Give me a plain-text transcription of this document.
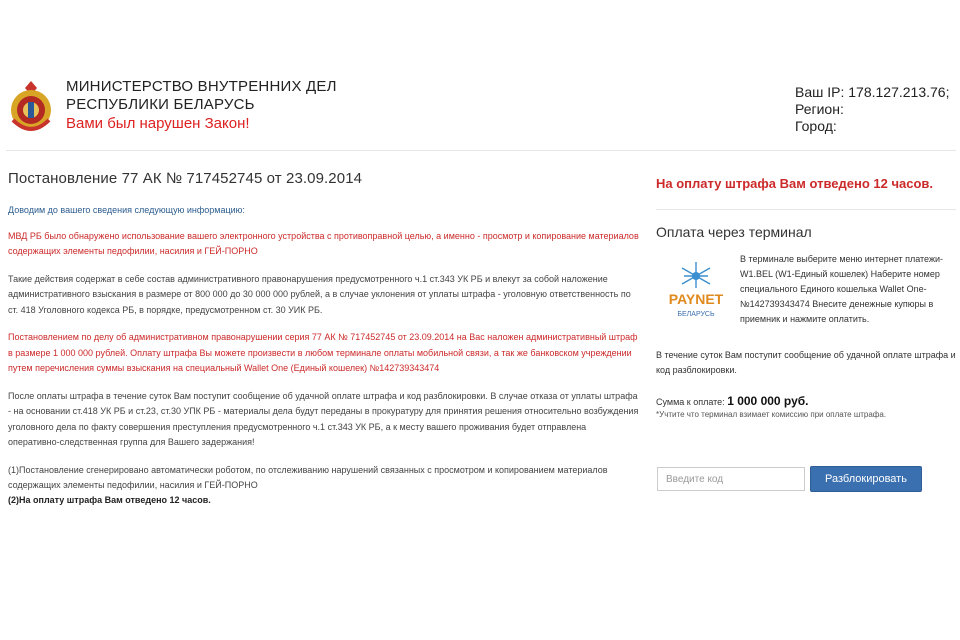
МИНИСТЕРСТВО ВНУТРЕННИХ ДЕЛ
РЕСПУБЛИКИ БЕЛАРУСЬ
Вами был нарушен Закон!
Ваш IP: 178.127.213.76;
Регион:
Город:
Постановление 77 АК № 717452745 от 23.09.2014

Доводим до вашего сведения следующую информацию:

МВД РБ было обнаружено использование вашего электронного устройства с противоправной целью, а именно - просмотр и копирование материалов содержащих элементы педофилии, насилия и ГЕЙ-ПОРНО

Такие действия содержат в себе состав административного правонарушения предусмотренного ч.1 ст.343 УК РБ и влекут за собой наложение административного взыскания в размере от 800 000 до 30 000 000 рублей, а в случае уклонения от уплаты штрафа - уголовную ответственность по ст. 418 Уголовного кодекса РБ, в порядке, предусмотренном ст. 30 УИК РБ.

Постановлением по делу об административном правонарушении серия 77 АК № 717452745 от 23.09.2014 на Вас наложен административный штраф в размере 1 000 000 рублей. Оплату штрафа Вы можете произвести в любом терминале оплаты мобильной связи, а так же банковском учреждении путем перечисления суммы взыскания на специальный Wallet One (Единый кошелек) №142739343474

После оплаты штрафа в течение суток Вам поступит сообщение об удачной оплате штрафа и код разблокировки. В случае отказа от уплаты штрафа - на основании ст.418 УК РБ и ст.23, ст.30 УПК РБ - материалы дела будут переданы в прокуратуру для принятия решения относительно возбуждения уголовного дела по факту совершения преступления предусмотренного ч.1 ст.343 УК РБ, а к месту вашего проживания будет отправлена оперативно-следственная группа для Вашего задержания!

(1)Постановление сгенерировано автоматически роботом, по отслеживанию нарушений связанных с просмотром и копированием материалов содержащих элементы педофилии, насилия и ГЕЙ-ПОРНО
(2)На оплату штрафа Вам отведено 12 часов.
На оплату штрафа Вам отведено 12 часов.
Оплата через терминал
PAYNET
БЕЛАРУСЬ
В терминале выберите меню интернет платежи- W1.BEL (W1-Единый кошелек) Наберите номер специального Единого кошелька Wallet One- №142739343474 Внесите денежные купюры в приемник и нажмите оплатить.
В течение суток Вам поступит сообщение об удачной оплате штрафа и код разблокировки.
Сумма к оплате: 1 000 000 руб.
*Учтите что терминал взимает комиссию при оплате штрафа.
Введите код
Разблокировать
